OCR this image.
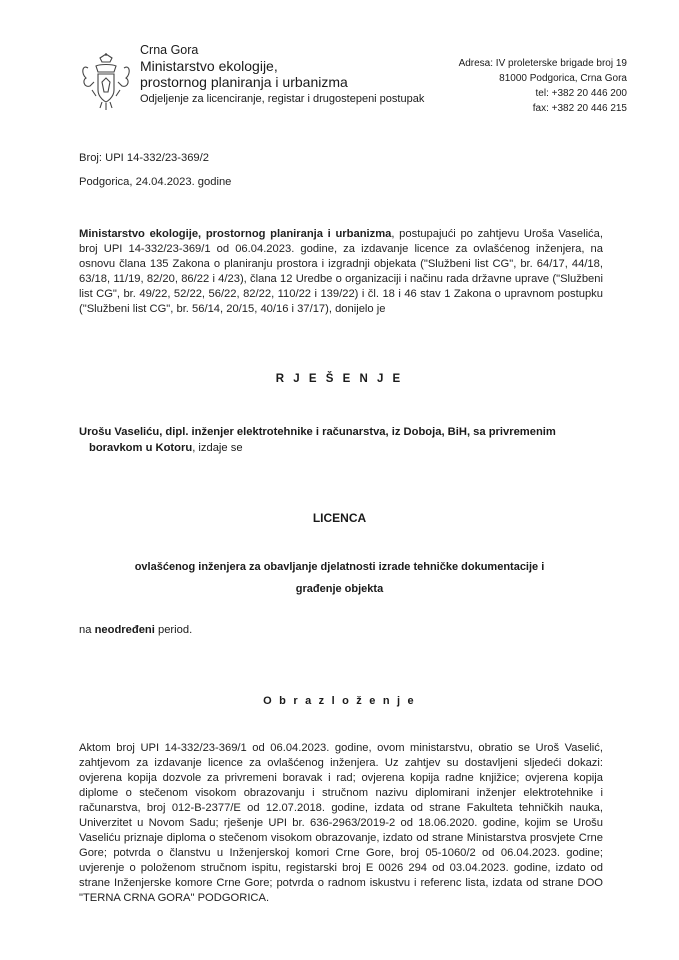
Crna Gora
Ministarstvo ekologije,
prostornog planiranja i urbanizma
Odjeljenje za licenciranje, registar i drugostepeni postupak
Adresa: IV proleterske brigade broj 19
81000 Podgorica, Crna Gora
tel: +382 20 446 200
fax: +382 20 446 215
Broj: UPI 14-332/23-369/2
Podgorica, 24.04.2023. godine
Ministarstvo ekologije, prostornog planiranja i urbanizma, postupajući po zahtjevu Uroša Vaselića, broj UPI 14-332/23-369/1 od 06.04.2023. godine, za izdavanje licence za ovlašćenog inženjera, na osnovu člana 135 Zakona o planiranju prostora i izgradnji objekata ("Službeni list CG", br. 64/17, 44/18, 63/18, 11/19, 82/20, 86/22 i 4/23), člana 12 Uredbe o organizaciji i načinu rada državne uprave ("Službeni list CG", br. 49/22, 52/22, 56/22, 82/22, 110/22 i 139/22) i čl. 18 i 46 stav 1 Zakona o upravnom postupku ("Službeni list CG", br. 56/14, 20/15, 40/16 i 37/17), donijelo je
R J E Š E N J E
Urošu Vaseliću, dipl. inženjer elektrotehnike i računarstva, iz Doboja, BiH, sa privremenim
boravkom u Kotoru, izdaje se
LICENCA
ovlašćenog inženjera za obavljanje djelatnosti izrade tehničke dokumentacije i
građenje objekta
na neodređeni period.
O b r a z l o ž e n j e
Aktom broj UPI 14-332/23-369/1 od 06.04.2023. godine, ovom ministarstvu, obratio se Uroš Vaselić, zahtjevom za izdavanje licence za ovlašćenog inženjera. Uz zahtjev su dostavljeni sljedeći dokazi: ovjerena kopija dozvole za privremeni boravak i rad; ovjerena kopija radne knjižice; ovjerena kopija diplome o stečenom visokom obrazovanju i stručnom nazivu diplomirani inženjer elektrotehnike i računarstva, broj 012-B-2377/E od 12.07.2018. godine, izdata od strane Fakulteta tehničkih nauka, Univerzitet u Novom Sadu; rješenje UPI br. 636-2963/2019-2 od 18.06.2020. godine, kojim se Urošu Vaseliću priznaje diploma o stečenom visokom obrazovanje, izdato od strane Ministarstva prosvjete Crne Gore; potvrda o članstvu u Inženjerskoj komori Crne Gore, broj 05-1060/2 od 06.04.2023. godine; uvjerenje o položenom stručnom ispitu, registarski broj E 0026 294 od 03.04.2023. godine, izdato od strane Inženjerske komore Crne Gore; potvrda o radnom iskustvu i referenc lista, izdata od strane DOO "TERNA CRNA GORA" PODGORICA.
